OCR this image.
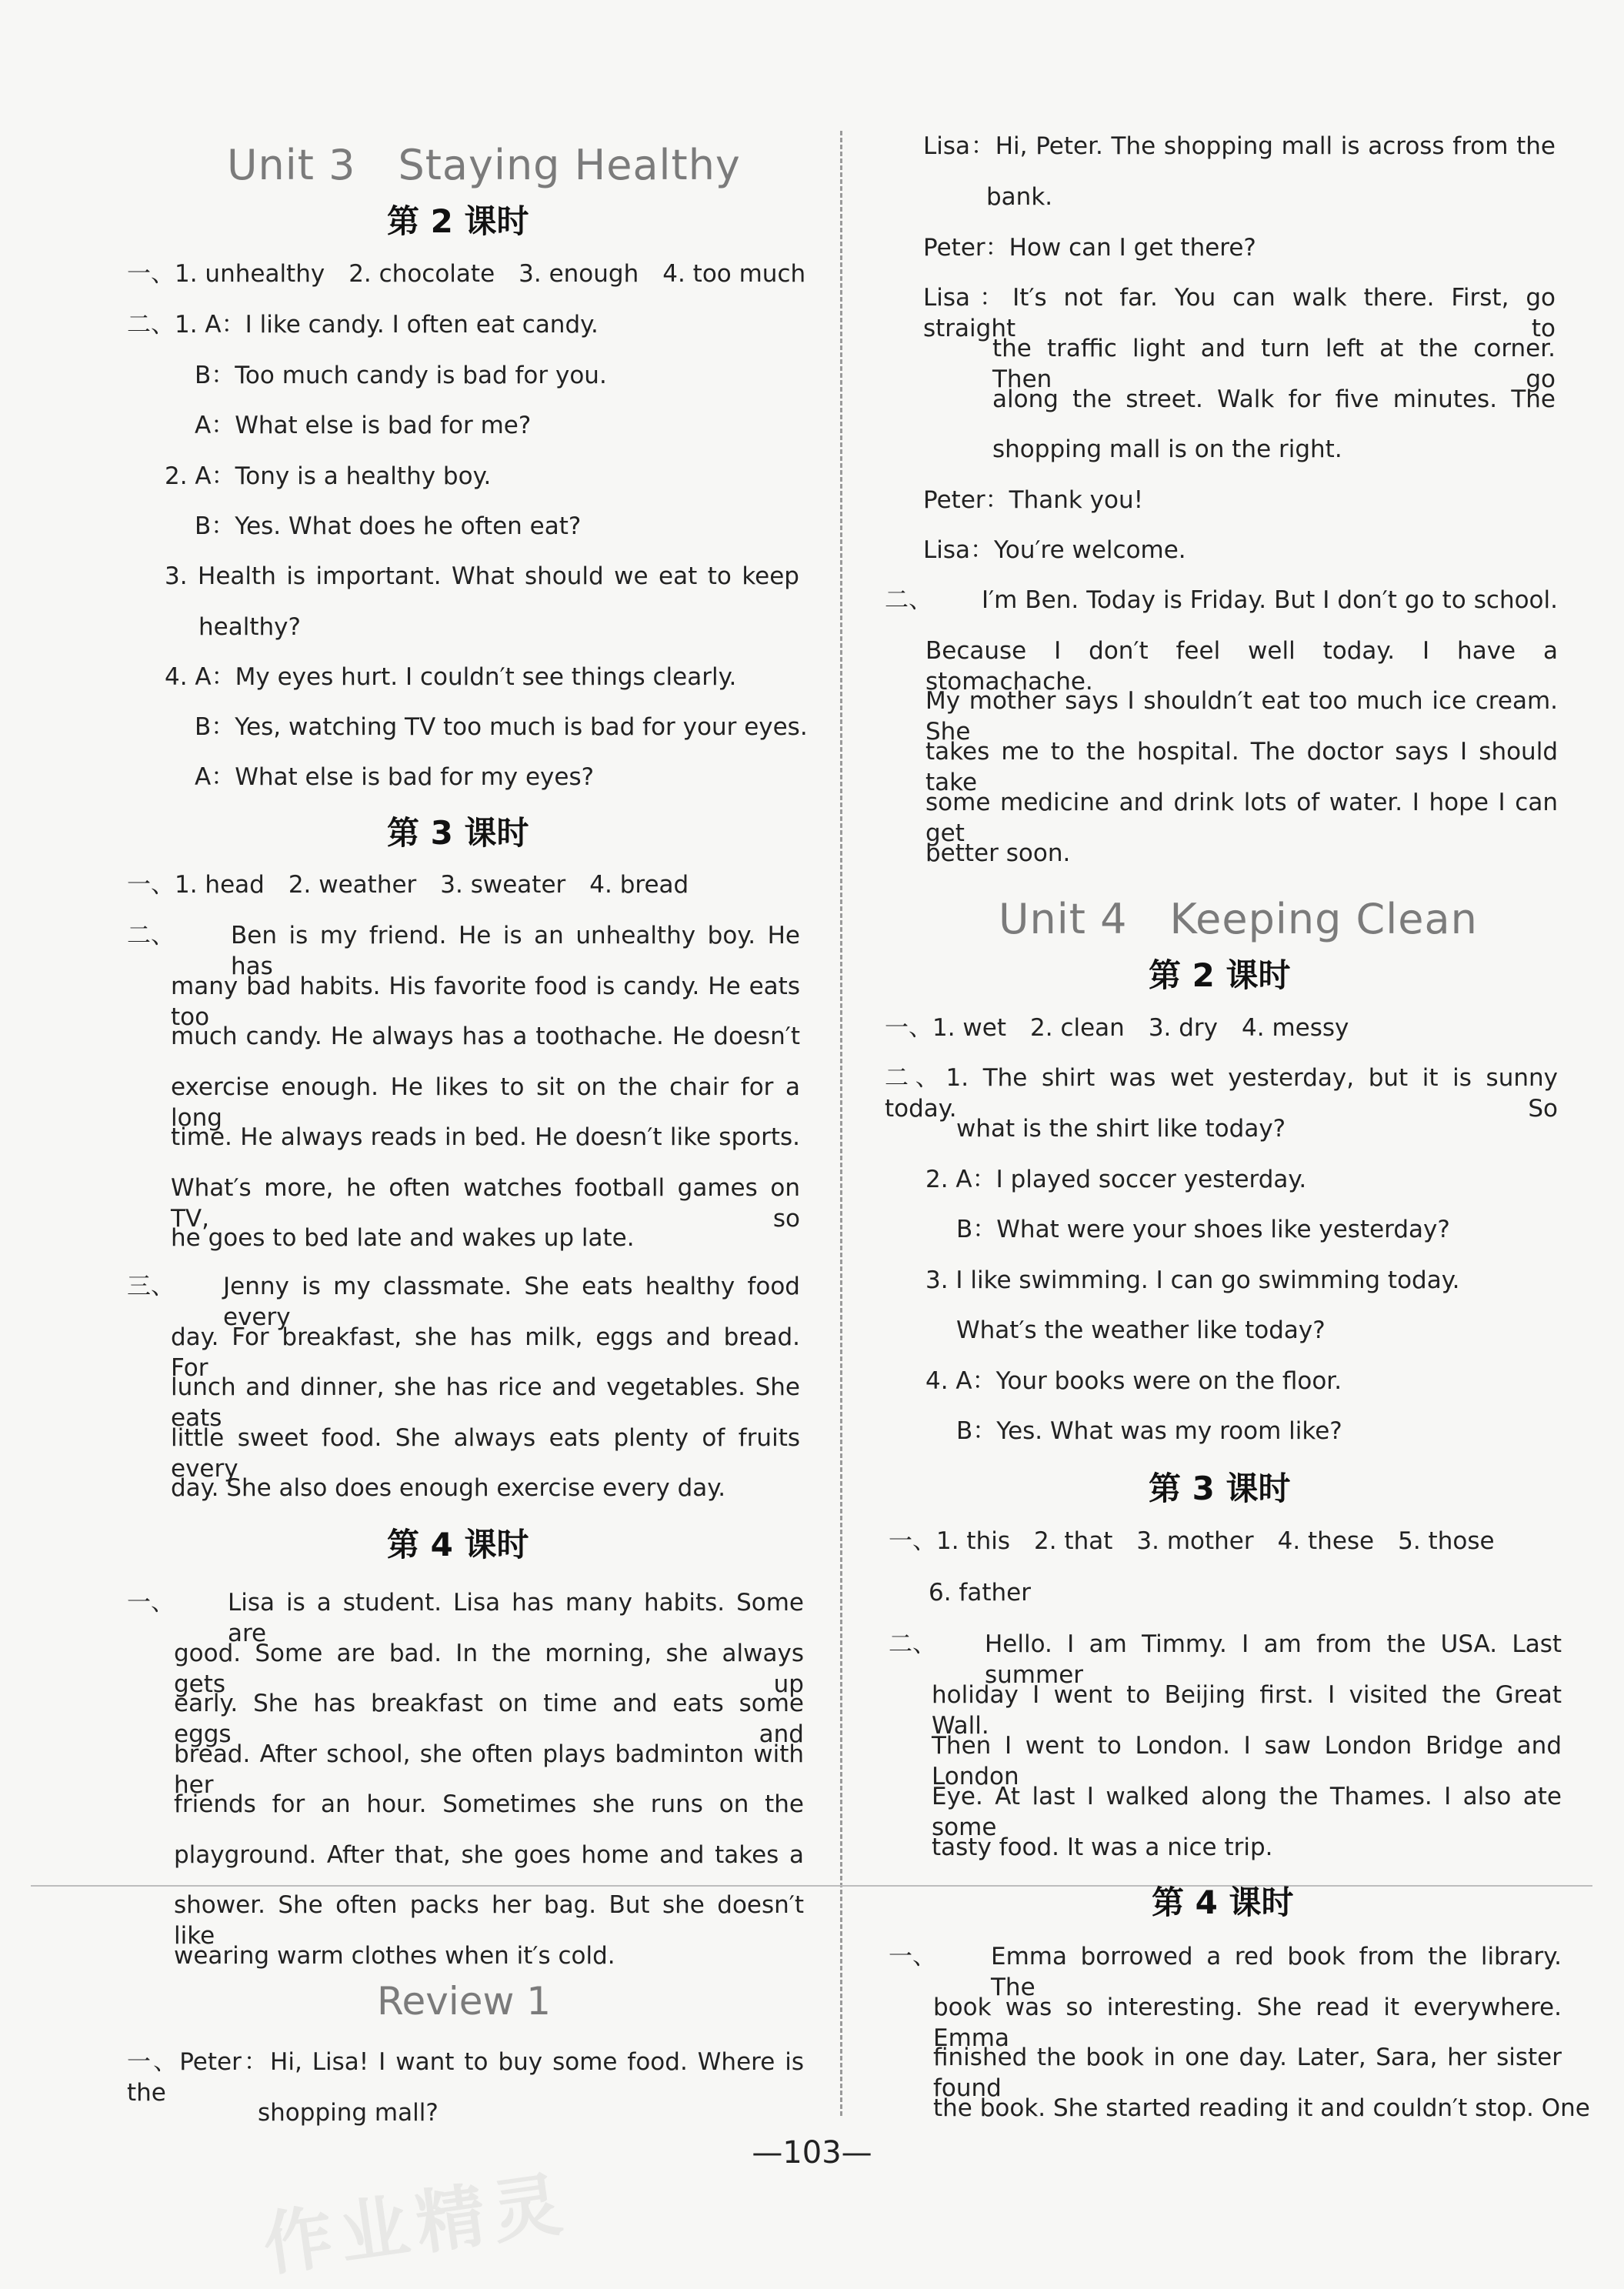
Unit 3　Staying Healthy
第 2 课时
一、1. unhealthy　2. chocolate　3. enough　4. too much
二、1. A：I like candy. I often eat candy.
B：Too much candy is bad for you.
A：What else is bad for me?
2. A：Tony is a healthy boy.
B：Yes. What does he often eat?
3. Health is important. What should we eat to keep
healthy?
4. A：My eyes hurt. I couldn′t see things clearly.
B：Yes, watching TV too much is bad for your eyes.
A：What else is bad for my eyes?
第 3 课时
一、1. head　2. weather　3. sweater　4. bread
二、 Ben is my friend. He is an unhealthy boy. He has
many bad habits. His favorite food is candy. He eats too
much candy. He always has a toothache. He doesn′t
exercise enough. He likes to sit on the chair for a long
time. He always reads in bed. He doesn′t like sports.
What′s more, he often watches football games on TV, so
he goes to bed late and wakes up late.
三、 Jenny is my classmate. She eats healthy food every
day. For breakfast, she has milk, eggs and bread. For
lunch and dinner, she has rice and vegetables. She eats
little sweet food. She always eats plenty of fruits every
day. She also does enough exercise every day.
第 4 课时
一、 Lisa is a student. Lisa has many habits. Some are
good. Some are bad. In the morning, she always gets up
early. She has breakfast on time and eats some eggs and
bread. After school, she often plays badminton with her
friends for an hour. Sometimes she runs on the
playground. After that, she goes home and takes a
shower. She often packs her bag. But she doesn′t like
wearing warm clothes when it′s cold.
Review 1
一、Peter：Hi, Lisa! I want to buy some food. Where is the
shopping mall?
Lisa：Hi, Peter. The shopping mall is across from the
bank.
Peter：How can I get there?
Lisa：It′s not far. You can walk there. First, go straight to
the traffic light and turn left at the corner. Then go
along the street. Walk for five minutes. The
shopping mall is on the right.
Peter：Thank you!
Lisa：You′re welcome.
二、 I′m Ben. Today is Friday. But I don′t go to school.
Because I don′t feel well today. I have a stomachache.
My mother says I shouldn′t eat too much ice cream. She
takes me to the hospital. The doctor says I should take
some medicine and drink lots of water. I hope I can get
better soon.
Unit 4　Keeping Clean
第 2 课时
一、1. wet　2. clean　3. dry　4. messy
二、1. The shirt was wet yesterday, but it is sunny today. So
what is the shirt like today?
2. A：I played soccer yesterday.
B：What were your shoes like yesterday?
3. I like swimming. I can go swimming today.
What′s the weather like today?
4. A：Your books were on the floor.
B：Yes. What was my room like?
第 3 课时
一、1. this　2. that　3. mother　4. these　5. those
6. father
二、 Hello. I am Timmy. I am from the USA. Last summer
holiday I went to Beijing first. I visited the Great Wall.
Then I went to London. I saw London Bridge and London
Eye. At last I walked along the Thames. I also ate some
tasty food. It was a nice trip.
第 4 课时
一、 Emma borrowed a red book from the library. The
book was so interesting. She read it everywhere. Emma
finished the book in one day. Later, Sara, her sister found
the book. She started reading it and couldn′t stop. One
—103—
作业精灵
